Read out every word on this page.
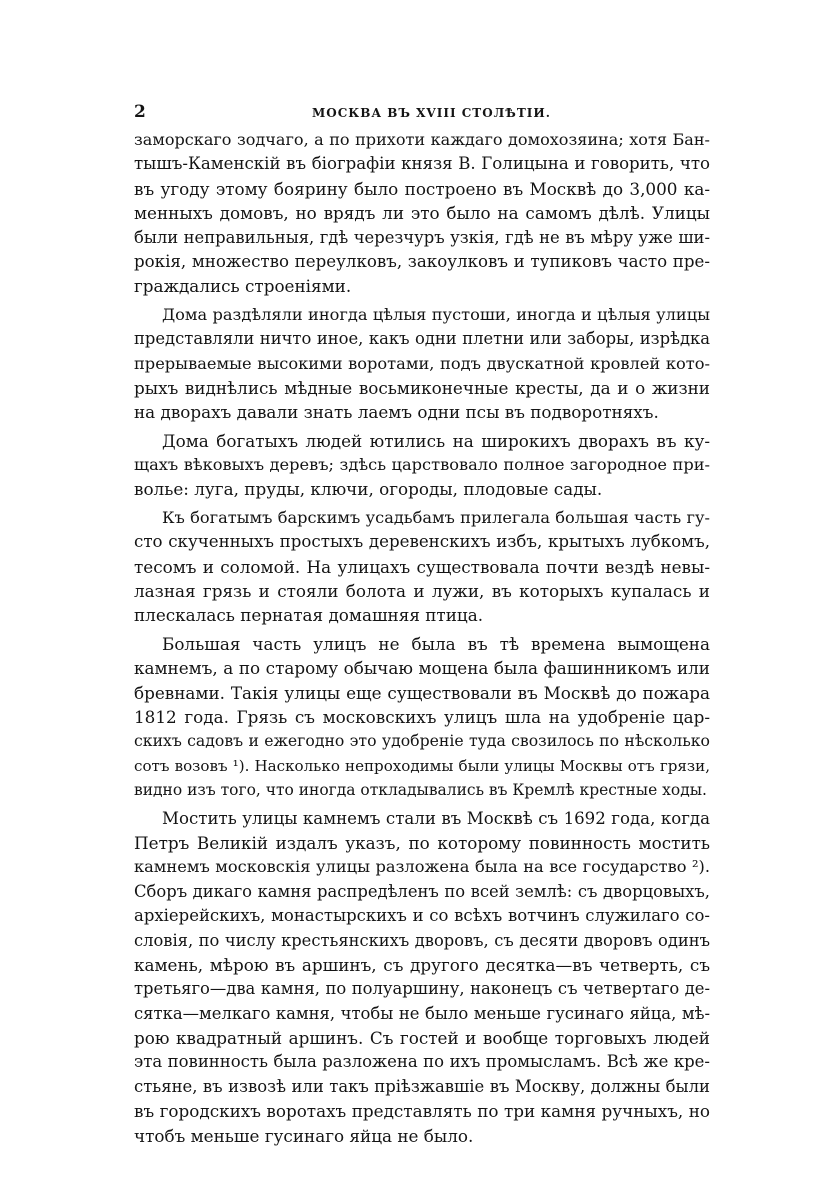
2	МОСКВА ВЪ XVIII СТОЛѢТІИ.
заморскаго зодчаго, а по прихоти каждаго домохозяина; хотя Бан-
тышъ-Каменскій въ біографіи князя В. Голицына и говорить, что
въ угоду этому боярину было построено въ Москвѣ до 3,000 ка-
менныхъ домовъ, но врядъ ли это было на самомъ дѣлѣ. Улицы
были неправильныя, гдѣ черезчуръ узкія, гдѣ не въ мѣру уже ши-
рокія, множество переулковъ, закоулковъ и тупиковъ часто пре-
граждались строеніями.
Дома раздѣляли иногда цѣлыя пустоши, иногда и цѣлыя улицы
представляли ничто иное, какъ одни плетни или заборы, изрѣдка
прерываемые высокими воротами, подъ двускатной кровлей кото-
рыхъ виднѣлись мѣдные восьмиконечные кресты, да и о жизни
на дворахъ давали знать лаемъ одни псы въ подворотняхъ.
Дома богатыхъ людей ютились на широкихъ дворахъ въ ку-
щахъ вѣковыхъ деревъ; здѣсь царствовало полное загородное при-
волье: луга, пруды, ключи, огороды, плодовые сады.
Къ богатымъ барскимъ усадьбамъ прилегала большая часть гу-
сто скученныхъ простыхъ деревенскихъ избъ, крытыхъ лубкомъ,
тесомъ и соломой. На улицахъ существовала почти вездѣ невы-
лазная грязь и стояли болота и лужи, въ которыхъ купалась и
плескалась пернатая домашняя птица.
Большая часть улицъ не была въ тѣ времена вымощена
камнемъ, а по старому обычаю мощена была фашинникомъ или
бревнами. Такія улицы еще существовали въ Москвѣ до пожара
1812 года. Грязь съ московскихъ улицъ шла на удобреніе цар-
скихъ садовъ и ежегодно это удобреніе туда свозилось по нѣсколько
сотъ возовъ ¹). Насколько непроходимы были улицы Москвы отъ грязи,
видно изъ того, что иногда откладывались въ Кремлѣ крестные ходы.
Мостить улицы камнемъ стали въ Москвѣ съ 1692 года, когда
Петръ Великій издалъ указъ, по которому повинность мостить
камнемъ московскія улицы разложена была на все государство ²).
Сборъ дикаго камня распредѣленъ по всей землѣ: съ дворцовыхъ,
архіерейскихъ, монастырскихъ и со всѣхъ вотчинъ служилаго со-
словія, по числу крестьянскихъ дворовъ, съ десяти дворовъ одинъ
камень, мѣрою въ аршинъ, съ другого десятка—въ четверть, съ
третьяго—два камня, по полуаршину, наконецъ съ четвертаго де-
сятка—мелкаго камня, чтобы не было меньше гусинаго яйца, мѣ-
рою квадратный аршинъ. Съ гостей и вообще торговыхъ людей
эта повинность была разложена по ихъ промысламъ. Всѣ же кре-
стьяне, въ извозѣ или такъ пріѣзжавшіе въ Москву, должны были
въ городскихъ воротахъ представлять по три камня ручныхъ, но
чтобъ меньше гусинаго яйца не было.
